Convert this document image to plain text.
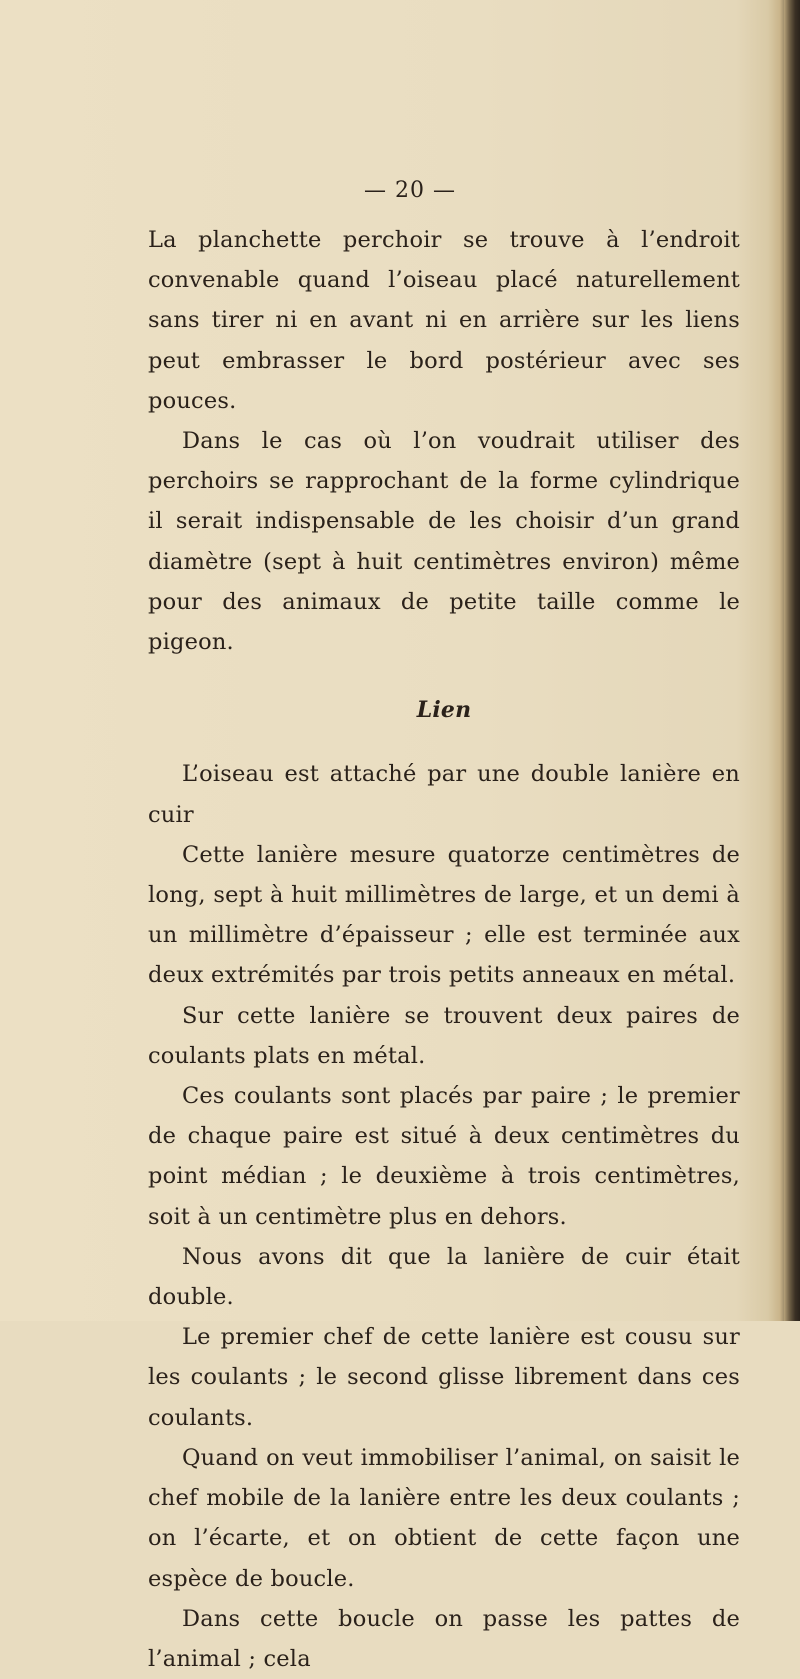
— 20 —

La planchette perchoir se trouve à l’endroit convenable quand l’oiseau placé naturellement sans tirer ni en avant ni en arrière sur les liens peut embrasser le bord postérieur avec ses pouces.

Dans le cas où l’on voudrait utiliser des perchoirs se rapprochant de la forme cylindrique il serait indispensable de les choisir d’un grand diamètre (sept à huit centimètres environ) même pour des animaux de petite taille comme le pigeon.

Lien

L’oiseau est attaché par une double lanière en cuir

Cette lanière mesure quatorze centimètres de long, sept à huit millimètres de large, et un demi à un millimètre d’épaisseur ; elle est terminée aux deux extrémités par trois petits anneaux en métal.

Sur cette lanière se trouvent deux paires de coulants plats en métal.

Ces coulants sont placés par paire ; le premier de chaque paire est situé à deux centimètres du point médian ; le deuxième à trois centimètres, soit à un centimètre plus en dehors.

Nous avons dit que la lanière de cuir était double.

Le premier chef de cette lanière est cousu sur les coulants ; le second glisse librement dans ces coulants.

Quand on veut immobiliser l’animal, on saisit le chef mobile de la lanière entre les deux coulants ; on l’écarte, et on obtient de cette façon une espèce de boucle.

Dans cette boucle on passe les pattes de l’animal ; cela
